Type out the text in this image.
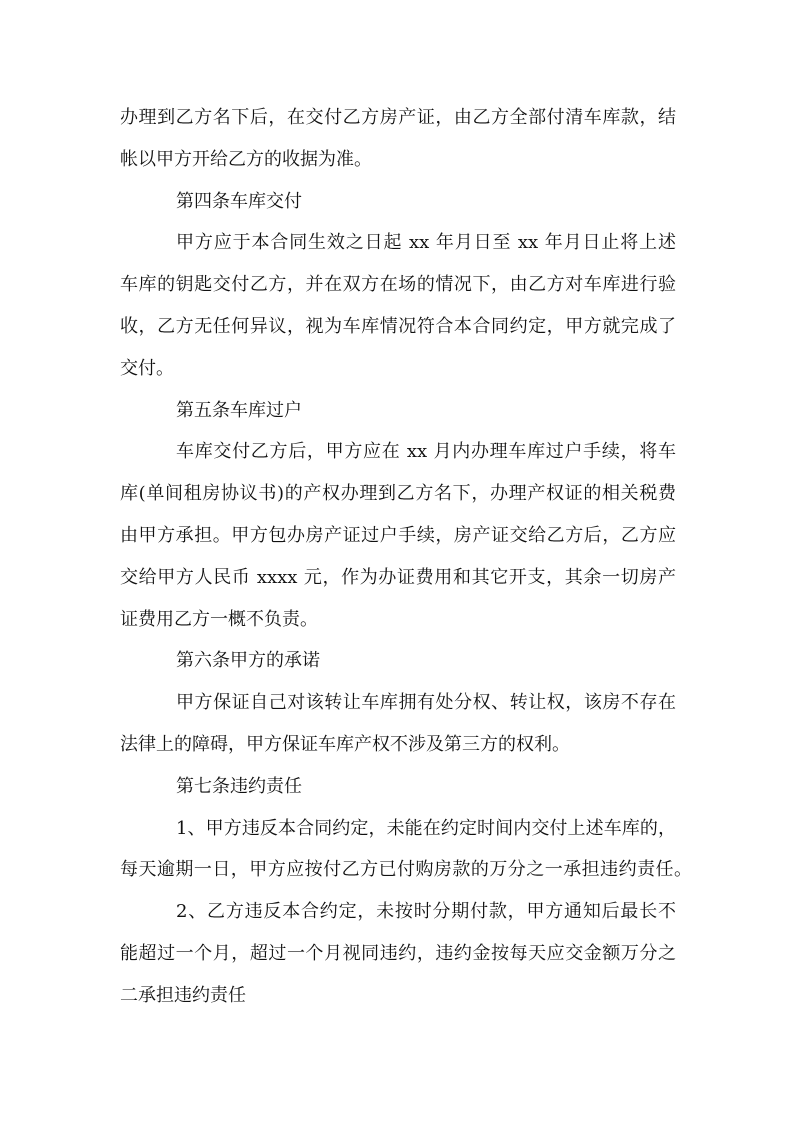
办理到乙方名下后，在交付乙方房产证，由乙方全部付清车库款，结
帐以甲方开给乙方的收据为准。
第四条车库交付
甲方应于本合同生效之日起 xx 年月日至 xx 年月日止将上述
车库的钥匙交付乙方，并在双方在场的情况下，由乙方对车库进行验
收，乙方无任何异议，视为车库情况符合本合同约定，甲方就完成了
交付。
第五条车库过户
车库交付乙方后，甲方应在 xx 月内办理车库过户手续，将车
库(单间租房协议书)的产权办理到乙方名下，办理产权证的相关税费
由甲方承担。甲方包办房产证过户手续，房产证交给乙方后，乙方应
交给甲方人民币 xxxx 元，作为办证费用和其它开支，其余一切房产
证费用乙方一概不负责。
第六条甲方的承诺
甲方保证自己对该转让车库拥有处分权、转让权，该房不存在
法律上的障碍，甲方保证车库产权不涉及第三方的权利。
第七条违约责任
1、甲方违反本合同约定，未能在约定时间内交付上述车库的，
每天逾期一日，甲方应按付乙方已付购房款的万分之一承担违约责任。
2、乙方违反本合约定，未按时分期付款，甲方通知后最长不
能超过一个月，超过一个月视同违约，违约金按每天应交金额万分之
二承担违约责任
